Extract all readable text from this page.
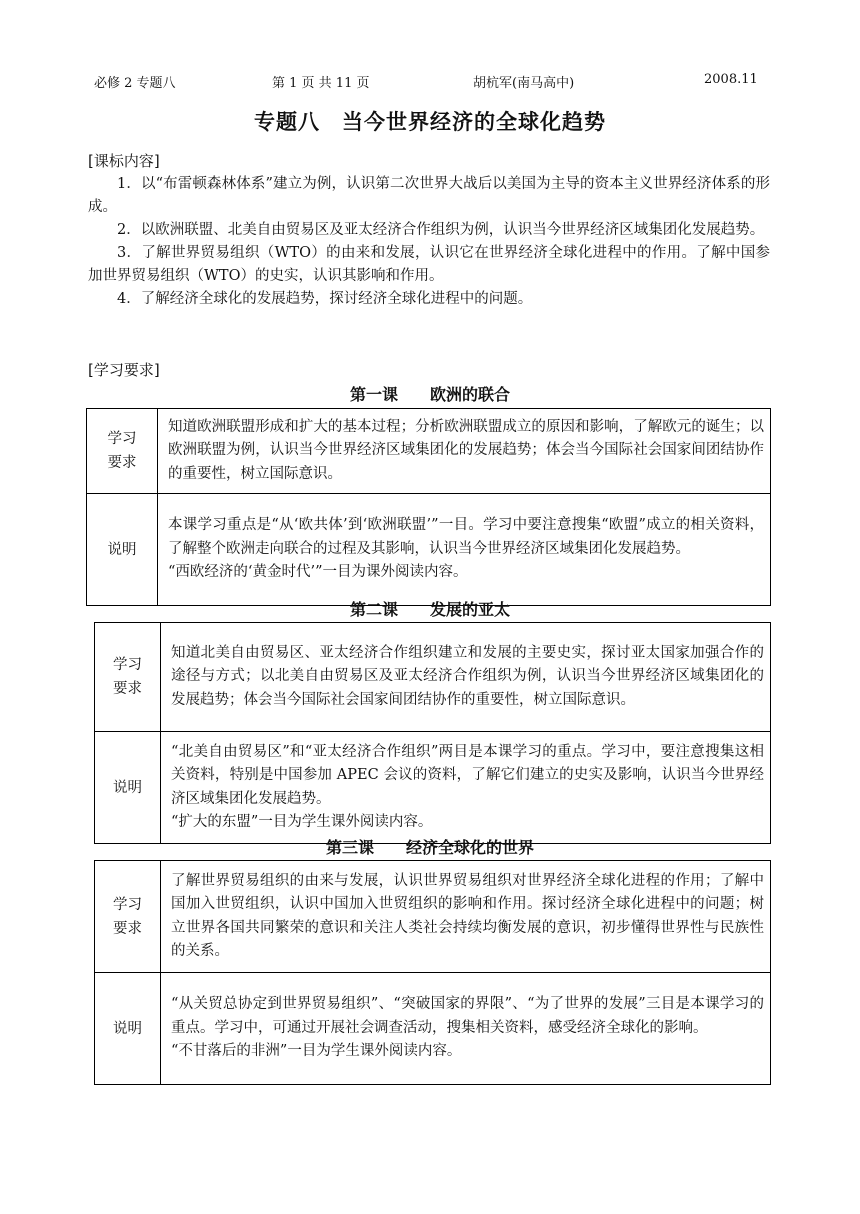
必修 2 专题八	第 1 页 共 11 页	胡杭军(南马高中)	2008.11
专题八　当今世界经济的全球化趋势
[课标内容]

1．以“布雷顿森林体系”建立为例，认识第二次世界大战后以美国为主导的资本主义世界经济体系的形成。

2．以欧洲联盟、北美自由贸易区及亚太经济合作组织为例，认识当今世界经济区域集团化发展趋势。

3．了解世界贸易组织（WTO）的由来和发展，认识它在世界经济全球化进程中的作用。了解中国参加世界贸易组织（WTO）的史实，认识其影响和作用。

4．了解经济全球化的发展趋势，探讨经济全球化进程中的问题。

[学习要求]
第一课　　欧洲的联合
学习
要求	知道欧洲联盟形成和扩大的基本过程；分析欧洲联盟成立的原因和影响，了解欧元的诞生；以欧洲联盟为例，认识当今世界经济区域集团化的发展趋势；体会当今国际社会国家间团结协作的重要性，树立国际意识。
说明	本课学习重点是“从‘欧共体’到‘欧洲联盟’”一目。学习中要注意搜集“欧盟”成立的相关资料，了解整个欧洲走向联合的过程及其影响，认识当今世界经济区域集团化发展趋势。

“西欧经济的‘黄金时代’”一目为课外阅读内容。

第二课　　发展的亚太
学习
要求	知道北美自由贸易区、亚太经济合作组织建立和发展的主要史实，探讨亚太国家加强合作的途径与方式；以北美自由贸易区及亚太经济合作组织为例，认识当今世界经济区域集团化的发展趋势；体会当今国际社会国家间团结协作的重要性，树立国际意识。
说明	“北美自由贸易区”和“亚太经济合作组织”两目是本课学习的重点。学习中，要注意搜集这相关资料，特别是中国参加 APEC 会议的资料，了解它们建立的史实及影响，认识当今世界经济区域集团化发展趋势。

“扩大的东盟”一目为学生课外阅读内容。

第三课　　经济全球化的世界
学习
要求	了解世界贸易组织的由来与发展，认识世界贸易组织对世界经济全球化进程的作用；了解中国加入世贸组织，认识中国加入世贸组织的影响和作用。探讨经济全球化进程中的问题；树立世界各国共同繁荣的意识和关注人类社会持续均衡发展的意识，初步懂得世界性与民族性的关系。
说明	“从关贸总协定到世界贸易组织”、“突破国家的界限”、“为了世界的发展”三目是本课学习的重点。学习中，可通过开展社会调查活动，搜集相关资料，感受经济全球化的影响。

“不甘落后的非洲”一目为学生课外阅读内容。
